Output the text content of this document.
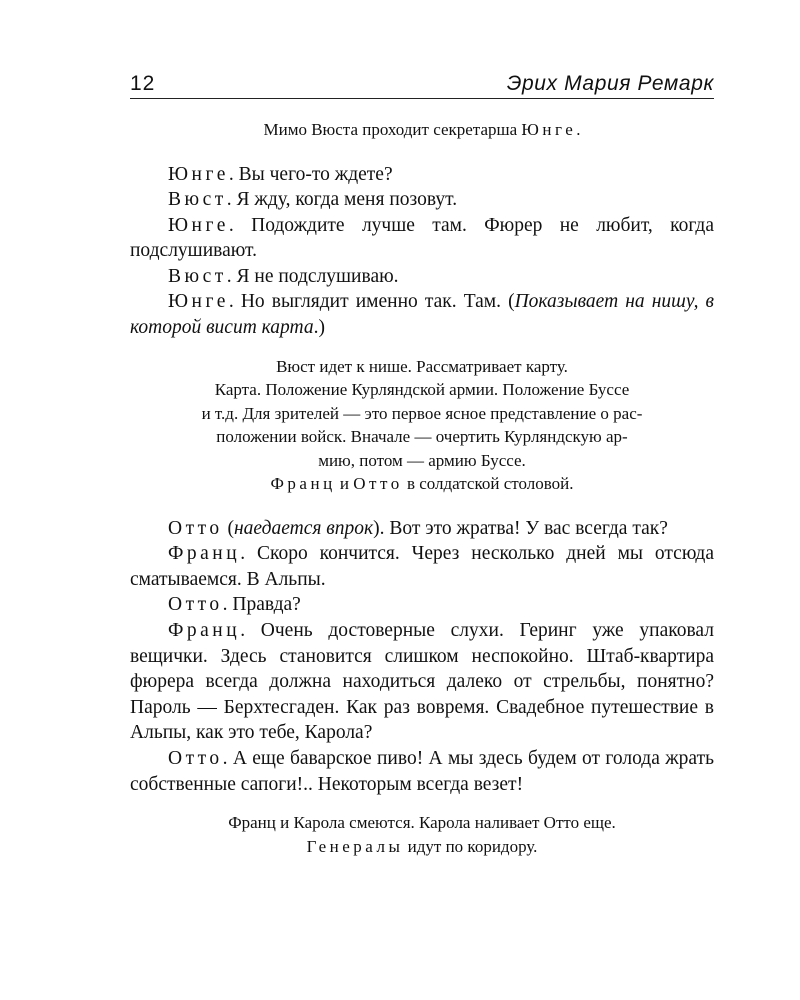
12	Эрих Мария Ремарк

Мимо Вюста проходит секретарша Юнге.

Юнге. Вы чего-то ждете?

Вюст. Я жду, когда меня позовут.

Юнге. Подождите лучше там. Фюрер не любит, когда подслушивают.

Вюст. Я не подслушиваю.

Юнге. Но выглядит именно так. Там. (Показывает на нишу, в которой висит карта.)

Вюст идет к нише. Рассматривает карту.
Карта. Положение Курляндской армии. Положение Буссе
и т.д. Для зрителей — это первое ясное представление о рас-
положении войск. Вначале — очертить Курляндскую ар-
мию, потом — армию Буссе.
Франц и Отто в солдатской столовой.

Отто (наедается впрок). Вот это жратва! У вас всегда так?

Франц. Скоро кончится. Через несколько дней мы отсюда сматываемся. В Альпы.

Отто. Правда?

Франц. Очень достоверные слухи. Геринг уже упаковал вещички. Здесь становится слишком неспокойно. Штаб-квартира фюрера всегда должна находиться далеко от стрельбы, понятно? Пароль — Берхтесгаден. Как раз вовремя. Свадебное путешествие в Альпы, как это тебе, Карола?

Отто. А еще баварское пиво! А мы здесь будем от голода жрать собственные сапоги!.. Некоторым всегда везет!

Франц и Карола смеются. Карола наливает Отто еще.
Генералы идут по коридору.
